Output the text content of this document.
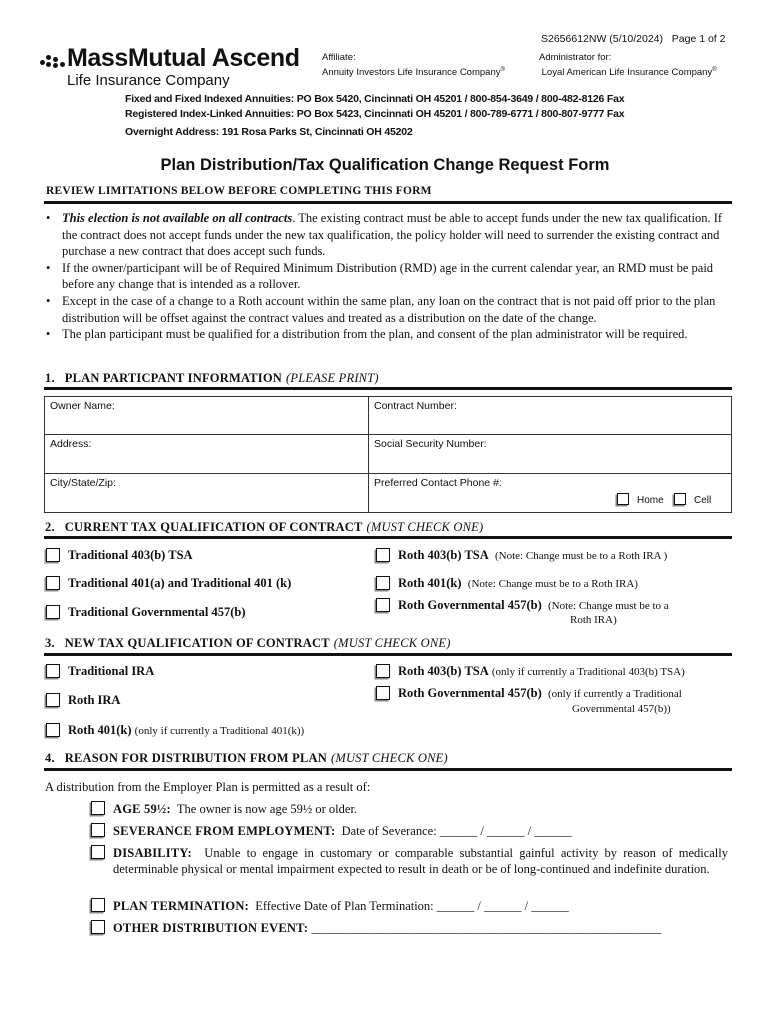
S2656612NW (5/10/2024) Page 1 of 2
MassMutual Ascend
Life Insurance Company
Affiliate:
Annuity Investors Life Insurance Company®
Administrator for:
Loyal American Life Insurance Company®
Fixed and Fixed Indexed Annuities: PO Box 5420, Cincinnati OH 45201 / 800-854-3649 / 800-482-8126 Fax
Registered Index-Linked Annuities: PO Box 5423, Cincinnati OH 45201 / 800-789-6771 / 800-807-9777 Fax
Overnight Address: 191 Rosa Parks St, Cincinnati OH 45202
Plan Distribution/Tax Qualification Change Request Form
REVIEW LIMITATIONS BELOW BEFORE COMPLETING THIS FORM
• This election is not available on all contracts. The existing contract must be able to accept funds under the new tax qualification. If the contract does not accept funds under the new tax qualification, the policy holder will need to surrender the existing contract and purchase a new contract that does accept such funds.
• If the owner/participant will be of Required Minimum Distribution (RMD) age in the current calendar year, an RMD must be paid before any change that is intended as a rollover.
• Except in the case of a change to a Roth account within the same plan, any loan on the contract that is not paid off prior to the plan distribution will be offset against the contract values and treated as a distribution on the date of the change.
• The plan participant must be qualified for a distribution from the plan, and consent of the plan administrator will be required.
1. PLAN PARTICPANT INFORMATION (PLEASE PRINT)
Owner Name:	Contract Number:
Address:	Social Security Number:
City/State/Zip:	Preferred Contact Phone #:
Home	Cell
2. CURRENT TAX QUALIFICATION OF CONTRACT (MUST CHECK ONE)
Traditional 403(b) TSA
Traditional 401(a) and Traditional 401 (k)
Traditional Governmental 457(b)
Roth 403(b) TSA (Note: Change must be to a Roth IRA )
Roth 401(k) (Note: Change must be to a Roth IRA)
Roth Governmental 457(b) (Note: Change must be to a
Roth IRA)
3. NEW TAX QUALIFICATION OF CONTRACT (MUST CHECK ONE)
Traditional IRA
Roth IRA
Roth 401(k) (only if currently a Traditional 401(k))
Roth 403(b) TSA (only if currently a Traditional 403(b) TSA)
Roth Governmental 457(b) (only if currently a Traditional
Governmental 457(b))
4. REASON FOR DISTRIBUTION FROM PLAN (MUST CHECK ONE)
A distribution from the Employer Plan is permitted as a result of:
AGE 59½: The owner is now age 59½ or older.
SEVERANCE FROM EMPLOYMENT: Date of Severance: ______ / ______ / ______
DISABILITY: Unable to engage in customary or comparable substantial gainful activity by reason of medically determinable physical or mental impairment expected to result in death or be of long-continued and indefinite duration.
PLAN TERMINATION: Effective Date of Plan Termination: ______ / ______ / ______
OTHER DISTRIBUTION EVENT: ________________________________________________________
